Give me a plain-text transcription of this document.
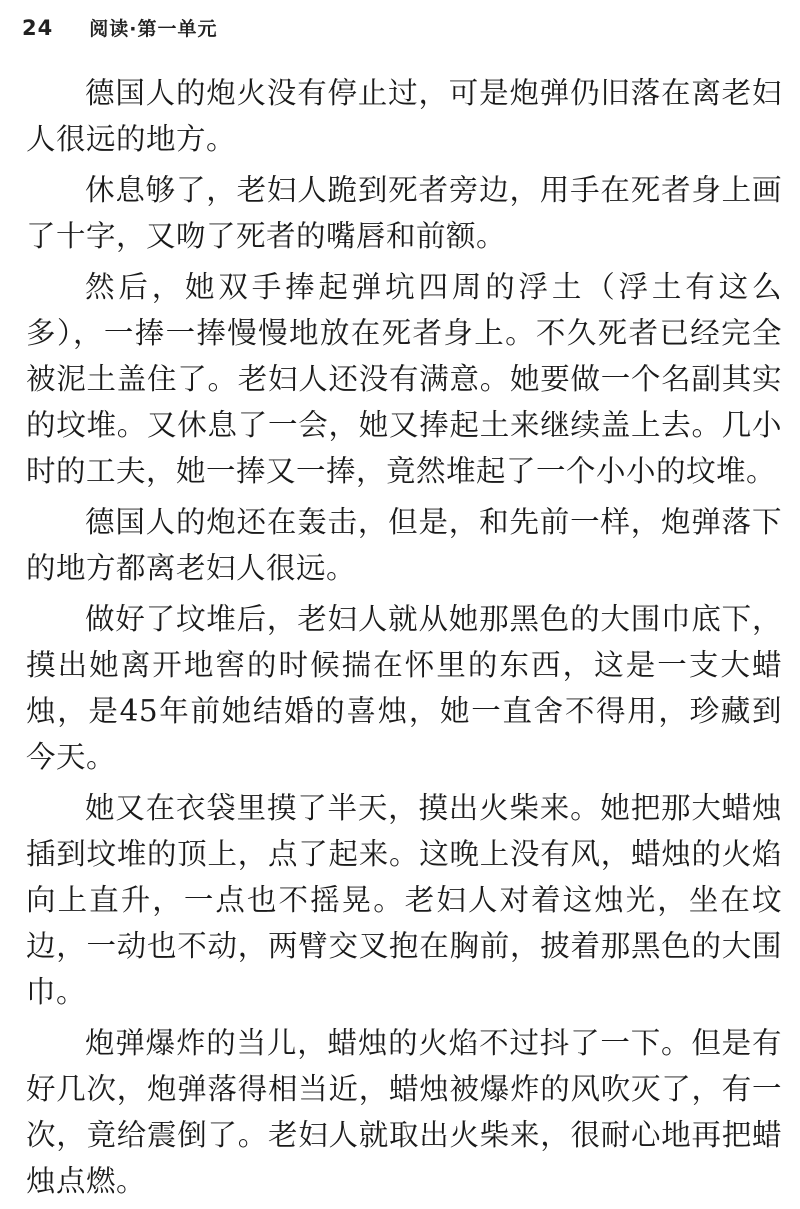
24 阅读·第一单元

德国人的炮火没有停止过，可是炮弹仍旧落在离老妇人很远的地方。

休息够了，老妇人跪到死者旁边，用手在死者身上画了十字，又吻了死者的嘴唇和前额。

然后，她双手捧起弹坑四周的浮土（浮土有这么多），一捧一捧慢慢地放在死者身上。不久死者已经完全被泥土盖住了。老妇人还没有满意。她要做一个名副其实的坟堆。又休息了一会，她又捧起土来继续盖上去。几小时的工夫，她一捧又一捧，竟然堆起了一个小小的坟堆。

德国人的炮还在轰击，但是，和先前一样，炮弹落下的地方都离老妇人很远。

做好了坟堆后，老妇人就从她那黑色的大围巾底下，摸出她离开地窖的时候揣在怀里的东西，这是一支大蜡烛，是45年前她结婚的喜烛，她一直舍不得用，珍藏到今天。

她又在衣袋里摸了半天，摸出火柴来。她把那大蜡烛插到坟堆的顶上，点了起来。这晚上没有风，蜡烛的火焰向上直升，一点也不摇晃。老妇人对着这烛光，坐在坟边，一动也不动，两臂交叉抱在胸前，披着那黑色的大围巾。

炮弹爆炸的当儿，蜡烛的火焰不过抖了一下。但是有好几次，炮弹落得相当近，蜡烛被爆炸的风吹灭了，有一次，竟给震倒了。老妇人就取出火柴来，很耐心地再把蜡烛点燃。
